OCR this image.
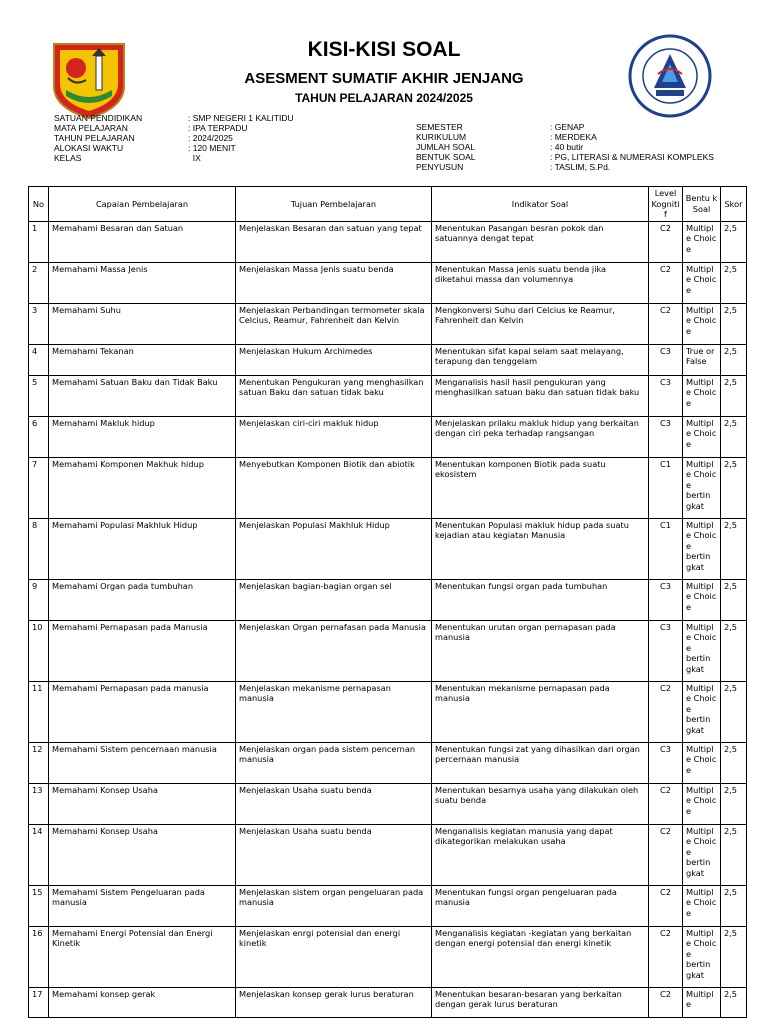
KISI-KISI SOAL
ASESMENT SUMATIF AKHIR JENJANG
TAHUN PELAJARAN 2024/2025
SATUAN PENDIDIKAN	: SMP NEGERI 1 KALITIDU
MATA PELAJARAN	: IPA TERPADU
TAHUN PELAJARAN	: 2024/2025
ALOKASI WAKTU	: 120 MENIT
KELAS	IX
SEMESTER	: GENAP
KURIKULUM	: MERDEKA
JUMLAH SOAL	: 40 butir
BENTUK SOAL	: PG, LITERASI & NUMERASI KOMPLEKS
PENYUSUN	: TASLIM, S.Pd.
No	Capaian Pembelajaran	Tujuan Pembelajaran	Indikator Soal	Level Kogniti f	Bentu k Soal	Skor
1	Memahami Besaran dan Satuan	Menjelaskan Besaran dan satuan yang tepat	Menentukan Pasangan besran pokok dan satuannya dengat tepat	C2	Multipl e Choic e	2,5
2	Memahami Massa Jenis	Menjelaskan Massa Jenis suatu benda	Menentukan Massa jenis suatu benda jika diketahui massa dan volumennya	C2	Multipl e Choic e	2,5
3	Memahami Suhu	Menjelaskan Perbandingan termometer skala Celcius, Reamur, Fahrenheit dan Kelvin	Mengkonversi Suhu dari Celcius ke Reamur, Fahrenheit dan Kelvin	C2	Multipl e Choic e	2,5
4	Memahami Tekanan	Menjelaskan Hukum Archimedes	Menentukan sifat kapal selam saat melayang, terapung dan tenggelam	C3	True or False	2,5
5	Memahami Satuan Baku dan Tidak Baku	Menentukan Pengukuran yang menghasilkan satuan Baku dan satuan tidak baku	Menganalisis hasil hasil pengukuran yang menghasilkan satuan baku dan satuan tidak baku	C3	Multipl e Choic e	2,5
6	Memahami Makluk hidup	Menjelaskan ciri-ciri makluk hidup	Menjelaskan prilaku makluk hidup yang berkaitan dengan ciri peka terhadap rangsangan	C3	Multipl e Choic e	2,5
7	Memahami Komponen Makhuk hidup	Menyebutkan Komponen Biotik dan abiotik	Menentukan komponen Biotik pada suatu ekosistem	C1	Multipl e Choic e bertin gkat	2,5
8	Memahami Populasi Makhluk Hidup	Menjelaskan Populasi Makhluk Hidup	Menentukan Populasi makluk hidup pada suatu kejadian atau kegiatan Manusia	C1	Multipl e Choic e bertin gkat	2,5
9	Memahami Organ pada tumbuhan	Menjelaskan bagian-bagian organ sel	Menentukan fungsi organ pada tumbuhan	C3	Multipl e Choic e	2,5
10	Memahami Pernapasan pada Manusia	Menjelaskan Organ pernafasan pada Manusia	Menentukan urutan organ pernapasan pada manusia	C3	Multipl e Choic e bertin gkat	2,5
11	Memahami Pernapasan pada manusia	Menjelaskan mekanisme pernapasan manusia	Menentukan mekanisme pernapasan pada manusia	C2	Multipl e Choic e bertin gkat	2,5
12	Memahami Sistem pencernaan manusia	Menjelaskan organ pada sistem pencernan manusia	Menentukan fungsi zat yang dihasilkan dari organ percernaan manusia	C3	Multipl e Choic e	2,5
13	Memahami Konsep Usaha	Menjelaskan Usaha suatu benda	Menentukan besarnya usaha yang dilakukan oleh suatu benda	C2	Multipl e Choic e	2,5
14	Memahami Konsep Usaha	Menjelaskan Usaha suatu benda	Menganalisis kegiatan manusia yang dapat dikategorikan melakukan usaha	C2	Multipl e Choic e bertin gkat	2,5
15	Memahami Sistem Pengeluaran pada manusia	Menjelaskan sistem organ pengeluaran pada manusia	Menentukan fungsi organ pengeluaran pada manusia	C2	Multipl e Choic e	2,5
16	Memahami Energi Potensial dan Energi Kinetik	Menjelaskan enrgi potensial dan energi kinetik	Menganalisis kegiatan -kegiatan yang berkaitan dengan energi potensial dan energi kinetik	C2	Multipl e Choic e bertin gkat	2,5
17	Memahami konsep gerak	Menjelaskan konsep gerak lurus beraturan	Menentukan besaran-besaran yang berkaitan dengan gerak lurus beraturan	C2	Multipl e	2,5
